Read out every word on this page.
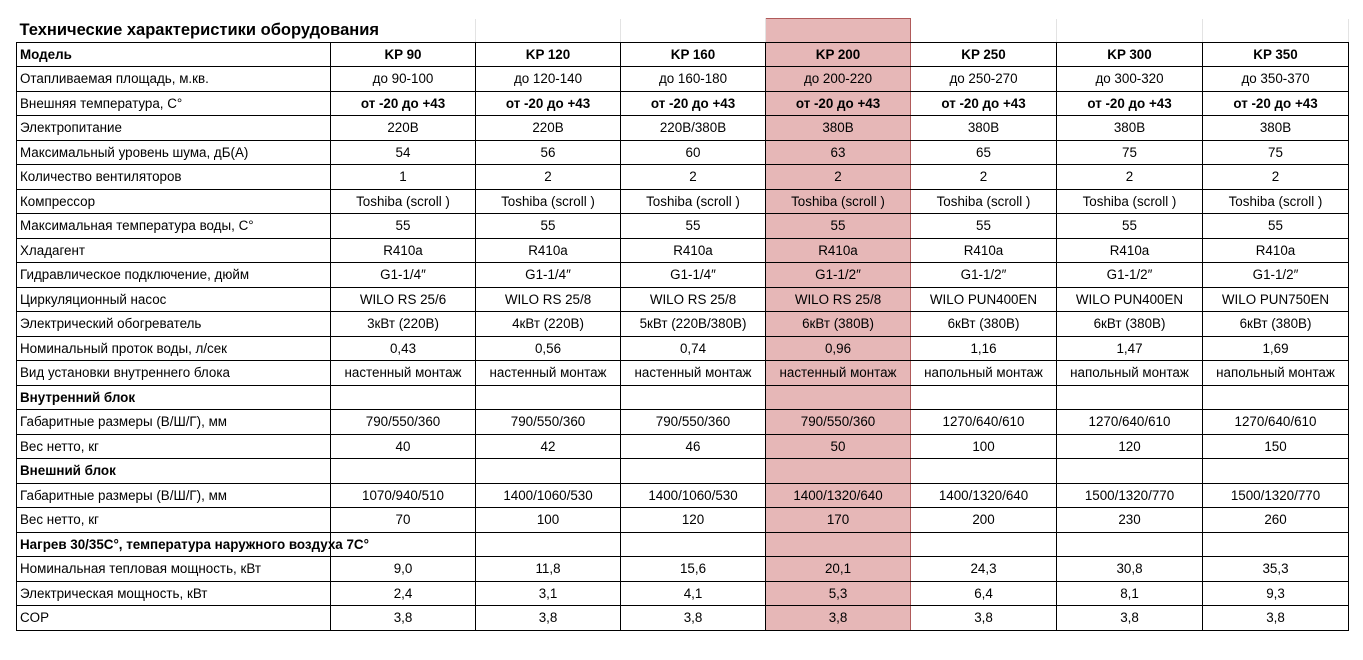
Технические характеристики оборудования							
Модель	KP 90	KP 120	KP 160	KP 200	KP 250	KP 300	KP 350
Отапливаемая площадь, м.кв.	до 90-100	до 120-140	до 160-180	до 200-220	до 250-270	до 300-320	до 350-370
Внешняя температура, С°	от -20 до +43	от -20 до +43	от -20 до +43	от -20 до +43	от -20 до +43	от -20 до +43	от -20 до +43
Электропитание	220В	220В	220В/380В	380В	380В	380В	380В
Максимальный уровень шума, дБ(А)	54	56	60	63	65	75	75
Количество вентиляторов	1	2	2	2	2	2	2
Компрессор	Toshiba (scroll )	Toshiba (scroll )	Toshiba (scroll )	Toshiba (scroll )	Toshiba (scroll )	Toshiba (scroll )	Toshiba (scroll )
Максимальная температура воды, С°	55	55	55	55	55	55	55
Хладагент	R410a	R410a	R410a	R410a	R410a	R410a	R410a
Гидравлическое подключение, дюйм	G1-1/4″	G1-1/4″	G1-1/4″	G1-1/2″	G1-1/2″	G1-1/2″	G1-1/2″
Циркуляционный насос	WILO RS 25/6	WILO RS 25/8	WILO RS 25/8	WILO RS 25/8	WILO PUN400EN	WILO PUN400EN	WILO PUN750EN
Электрический обогреватель	3кВт (220В)	4кВт (220В)	5кВт (220В/380В)	6кВт (380В)	6кВт (380В)	6кВт (380В)	6кВт (380В)
Номинальный проток воды, л/сек	0,43	0,56	0,74	0,96	1,16	1,47	1,69
Вид установки внутреннего блока	настенный монтаж	настенный монтаж	настенный монтаж	настенный монтаж	напольный монтаж	напольный монтаж	напольный монтаж
Внутренний блок							
Габаритные размеры (В/Ш/Г), мм	790/550/360	790/550/360	790/550/360	790/550/360	1270/640/610	1270/640/610	1270/640/610
Вес нетто, кг	40	42	46	50	100	120	150
Внешний блок							
Габаритные размеры (В/Ш/Г), мм	1070/940/510	1400/1060/530	1400/1060/530	1400/1320/640	1400/1320/640	1500/1320/770	1500/1320/770
Вес нетто, кг	70	100	120	170	200	230	260
Нагрев 30/35С°, температура наружного воздуха 7С°							
Номинальная тепловая мощность, кВт	9,0	11,8	15,6	20,1	24,3	30,8	35,3
Электрическая мощность, кВт	2,4	3,1	4,1	5,3	6,4	8,1	9,3
COP	3,8	3,8	3,8	3,8	3,8	3,8	3,8
